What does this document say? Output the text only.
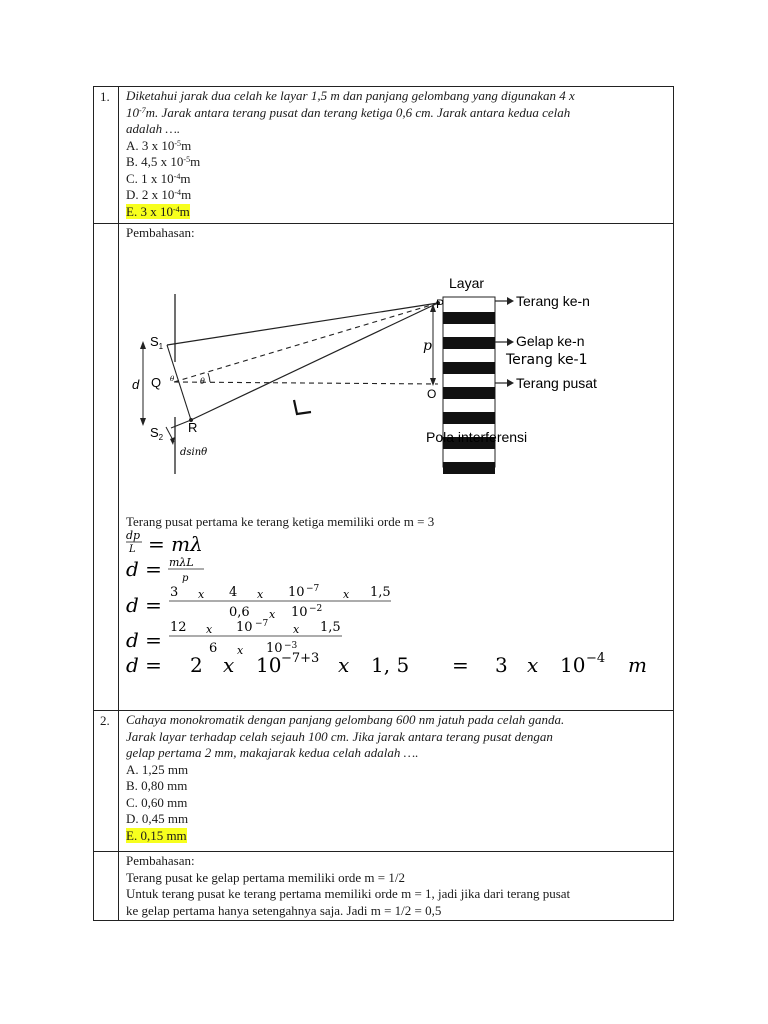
1.	Diketahui jarak dua celah ke layar 1,5 m dan panjang gelombang yang digunakan 4 x
$10^{-7}m$. Jarak antara terang pusat dan terang ketiga 0,6 cm. Jarak antara kedua celah
adalah ….
A. 3 x $10^{-5}m$
B. 4,5 x $10^{-5}m$
C. 1 x $10^{-4}m$
D. 2 x $10^{-4}m$
E. 3 x $10^{-4}m$
Pembahasan:
Layar
Terang ke-n
Gelap ke-n
Terang ke-1
Terang pusat
Pola interferensi
p
P
O
$S_1$
$S_2$
Q
R
d
dsinθ
θ
θ
L
Terang pusat pertama ke terang ketiga memiliki orde m = 3
dp
L = mλ
d = mλL
p
d =
3 x 4 x 10 −7 x 1,5
0,6 x 10 −2
d =
12 x 10 −7 x 1,5
6 x 10 −3
d = 2 x 10 −7+3 x 1, 5 = 3 x 10 −4 m
2.	Cahaya monokromatik dengan panjang gelombang 600 nm jatuh pada celah ganda.
Jarak layar terhadap celah sejauh 100 cm. Jika jarak antara terang pusat dengan
gelap pertama 2 mm, makajarak kedua celah adalah ….
A. 1,25 mm
B. 0,80 mm
C. 0,60 mm
D. 0,45 mm
E. 0,15 mm
Pembahasan:
Terang pusat ke gelap pertama memiliki orde m = 1/2
Untuk terang pusat ke terang pertama memiliki orde m = 1, jadi jika dari terang pusat
ke gelap pertama hanya setengahnya saja. Jadi m = 1/2 = 0,5
